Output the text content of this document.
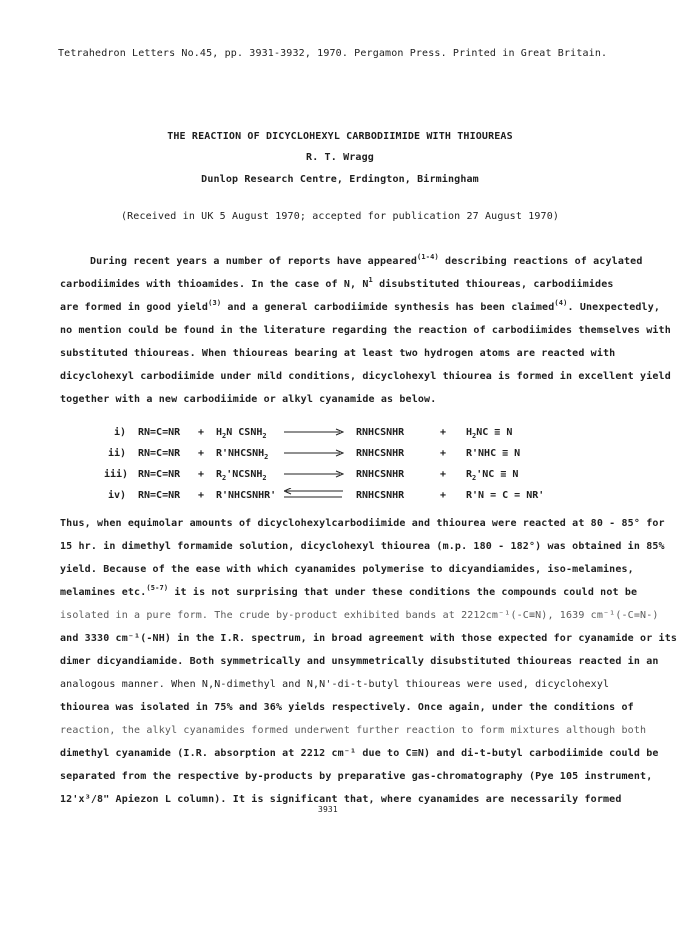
Tetrahedron Letters No.45, pp. 3931-3932, 1970. Pergamon Press. Printed in Great Britain.
THE REACTION OF DICYCLOHEXYL CARBODIIMIDE WITH THIOUREAS
R. T. Wragg
Dunlop Research Centre, Erdington, Birmingham
(Received in UK 5 August 1970; accepted for publication 27 August 1970)
During recent years a number of reports have appeared$^{(1-4)}$ describing reactions of acylated
carbodiimides with thioamides. In the case of N, $N^1$ disubstituted thioureas, carbodiimides
are formed in good yield$^{(3)}$ and a general carbodiimide synthesis has been claimed$^{(4)}$. Unexpectedly,
no mention could be found in the literature regarding the reaction of carbodiimides themselves with
substituted thioureas. When thioureas bearing at least two hydrogen atoms are reacted with
dicyclohexyl carbodiimide under mild conditions, dicyclohexyl thiourea is formed in excellent yield
together with a new carbodiimide or alkyl cyanamide as below.
i) $RN=C=NR + H_2N$ $CSNH_2$	RNHCSNHR	+ $H_2NC \equiv N$
ii) $RN=C=NR + R'NHCSNH_2$	RNHCSNHR	+ R'NHC ≡ N
iii) $RN=C=NR + R_2'NCSNH_2$	RNHCSNHR	+ $R_2'NC \equiv N$
iv) RN=C=NR + R'NHCSNHR'	RNHCSNHR	+ R'N = C = NR'
Thus, when equimolar amounts of dicyclohexylcarbodiimide and thiourea were reacted at 80 - 85° for
15 hr. in dimethyl formamide solution, dicyclohexyl thiourea (m.p. 180 - 182°) was obtained in 85%
yield. Because of the ease with which cyanamides polymerise to dicyandiamides, iso-melamines,
melamines etc.$^{(5-7)}$ it is not surprising that under these conditions the compounds could not be
isolated in a pure form. The crude by-product exhibited bands at 2212cm⁻¹(-C≡N), 1639 cm⁻¹(-C=N-)
and 3330 cm⁻¹(-NH) in the I.R. spectrum, in broad agreement with those expected for cyanamide or its
dimer dicyandiamide. Both symmetrically and unsymmetrically disubstituted thioureas reacted in an
analogous manner. When N,N-dimethyl and N,N'-di-t-butyl thioureas were used, dicyclohexyl
thiourea was isolated in 75% and 36% yields respectively. Once again, under the conditions of
reaction, the alkyl cyanamides formed underwent further reaction to form mixtures although both
dimethyl cyanamide (I.R. absorption at 2212 cm⁻¹ due to C≡N) and di-t-butyl carbodiimide could be
separated from the respective by-products by preparative gas-chromatography (Pye 105 instrument,
12'x³/8" Apiezon L column). It is significant that, where cyanamides are necessarily formed
3931
